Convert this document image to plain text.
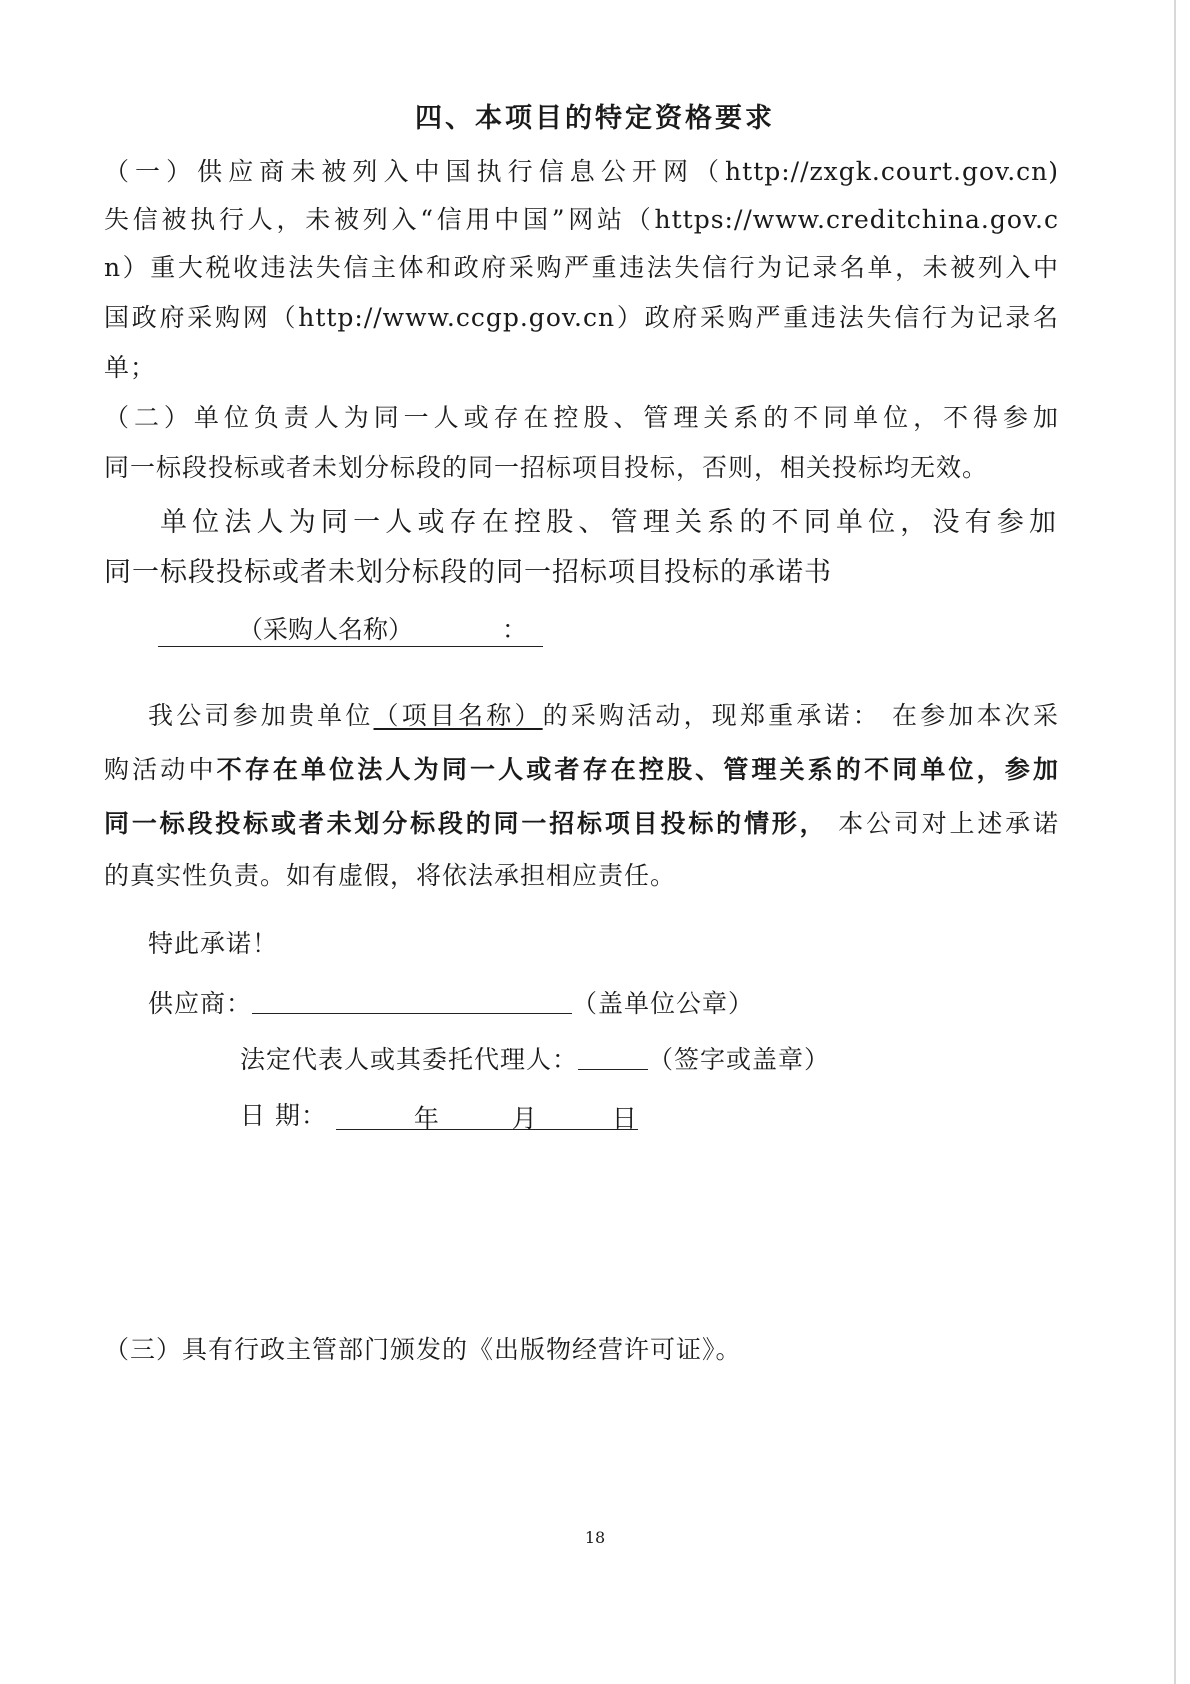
四、本项目的特定资格要求
（一）供应商未被列入中国执行信息公开网（http://zxgk.court.gov.cn)
失信被执行人，未被列入“信用中国”网站（https://www.creditchina.gov.c
n）重大税收违法失信主体和政府采购严重违法失信行为记录名单，未被列入中
国政府采购网（http://www.ccgp.gov.cn）政府采购严重违法失信行为记录名
单；
（二）单位负责人为同一人或存在控股、管理关系的不同单位，不得参加
同一标段投标或者未划分标段的同一招标项目投标，否则，相关投标均无效。
单位法人为同一人或存在控股、管理关系的不同单位，没有参加
同一标段投标或者未划分标段的同一招标项目投标的承诺书
（采购人名称）	：
我公司参加贵单位（项目名称）的采购活动，现郑重承诺： 在参加本次采
购活动中不存在单位法人为同一人或者存在控股、管理关系的不同单位，参加
同一标段投标或者未划分标段的同一招标项目投标的情形， 本公司对上述承诺
的真实性负责。如有虚假，将依法承担相应责任。
特此承诺！
供应商：	（盖单位公章）
法定代表人或其委托代理人：	（签字或盖章）
日 期：	年	月	日
（三）具有行政主管部门颁发的《出版物经营许可证》。
18
